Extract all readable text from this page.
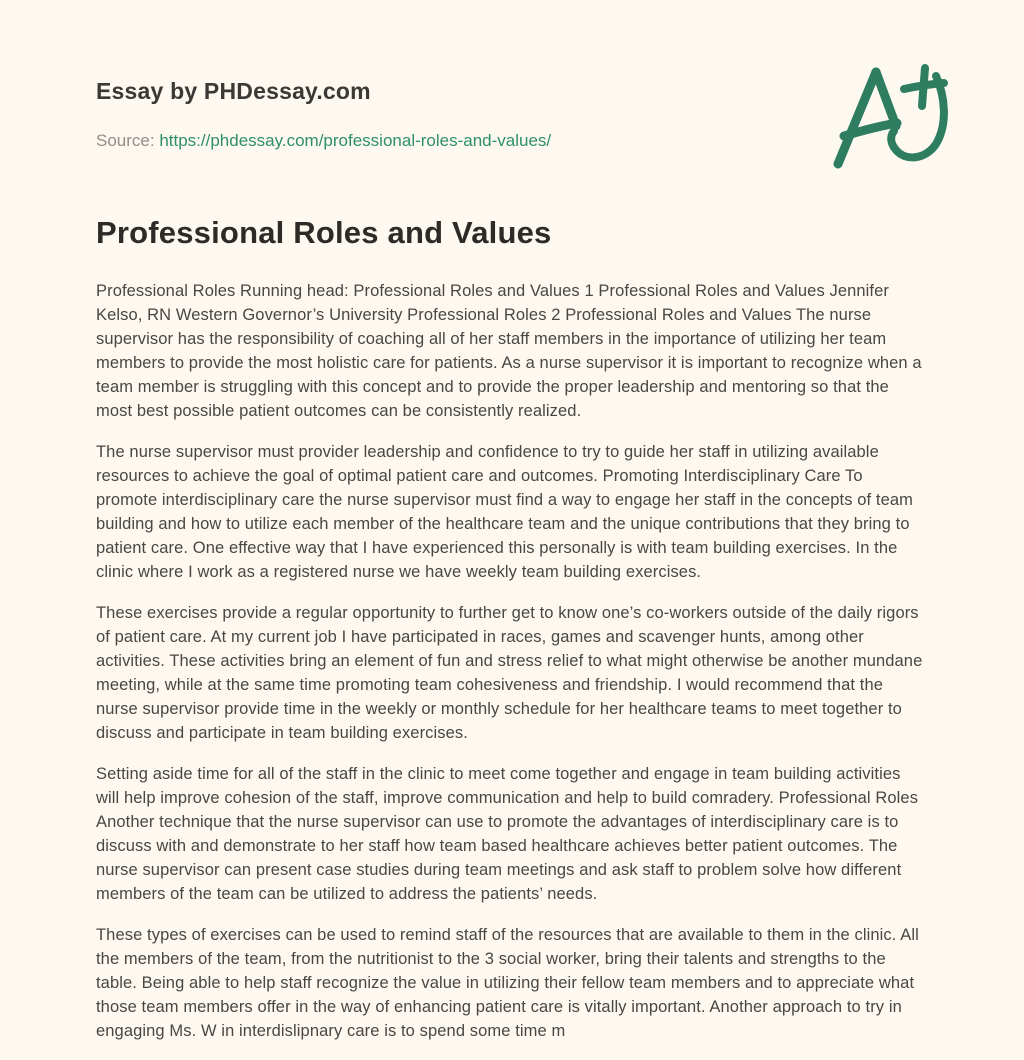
Essay by PHDessay.com
Source: https://phdessay.com/professional-roles-and-values/
Professional Roles and Values

Professional Roles Running head: Professional Roles and Values 1 Professional Roles and Values Jennifer Kelso, RN Western Governor’s University Professional Roles 2 Professional Roles and Values The nurse supervisor has the responsibility of coaching all of her staff members in the importance of utilizing her team members to provide the most holistic care for patients. As a nurse supervisor it is important to recognize when a team member is struggling with this concept and to provide the proper leadership and mentoring so that the most best possible patient outcomes can be consistently realized.

The nurse supervisor must provider leadership and confidence to try to guide her staff in utilizing available resources to achieve the goal of optimal patient care and outcomes. Promoting Interdisciplinary Care To promote interdisciplinary care the nurse supervisor must find a way to engage her staff in the concepts of team building and how to utilize each member of the healthcare team and the unique contributions that they bring to patient care. One effective way that I have experienced this personally is with team building exercises. In the clinic where I work as a registered nurse we have weekly team building exercises.

These exercises provide a regular opportunity to further get to know one’s co-workers outside of the daily rigors of patient care. At my current job I have participated in races, games and scavenger hunts, among other activities. These activities bring an element of fun and stress relief to what might otherwise be another mundane meeting, while at the same time promoting team cohesiveness and friendship. I would recommend that the nurse supervisor provide time in the weekly or monthly schedule for her healthcare teams to meet together to discuss and participate in team building exercises.

Setting aside time for all of the staff in the clinic to meet come together and engage in team building activities will help improve cohesion of the staff, improve communication and help to build comradery. Professional Roles Another technique that the nurse supervisor can use to promote the advantages of interdisciplinary care is to discuss with and demonstrate to her staff how team based healthcare achieves better patient outcomes. The nurse supervisor can present case studies during team meetings and ask staff to problem solve how different members of the team can be utilized to address the patients’ needs.

These types of exercises can be used to remind staff of the resources that are available to them in the clinic. All the members of the team, from the nutritionist to the 3 social worker, bring their talents and strengths to the table. Being able to help staff recognize the value in utilizing their fellow team members and to appreciate what those team members offer in the way of enhancing patient care is vitally important. Another approach to try in engaging Ms. W in interdislipnary care is to spend some time m
